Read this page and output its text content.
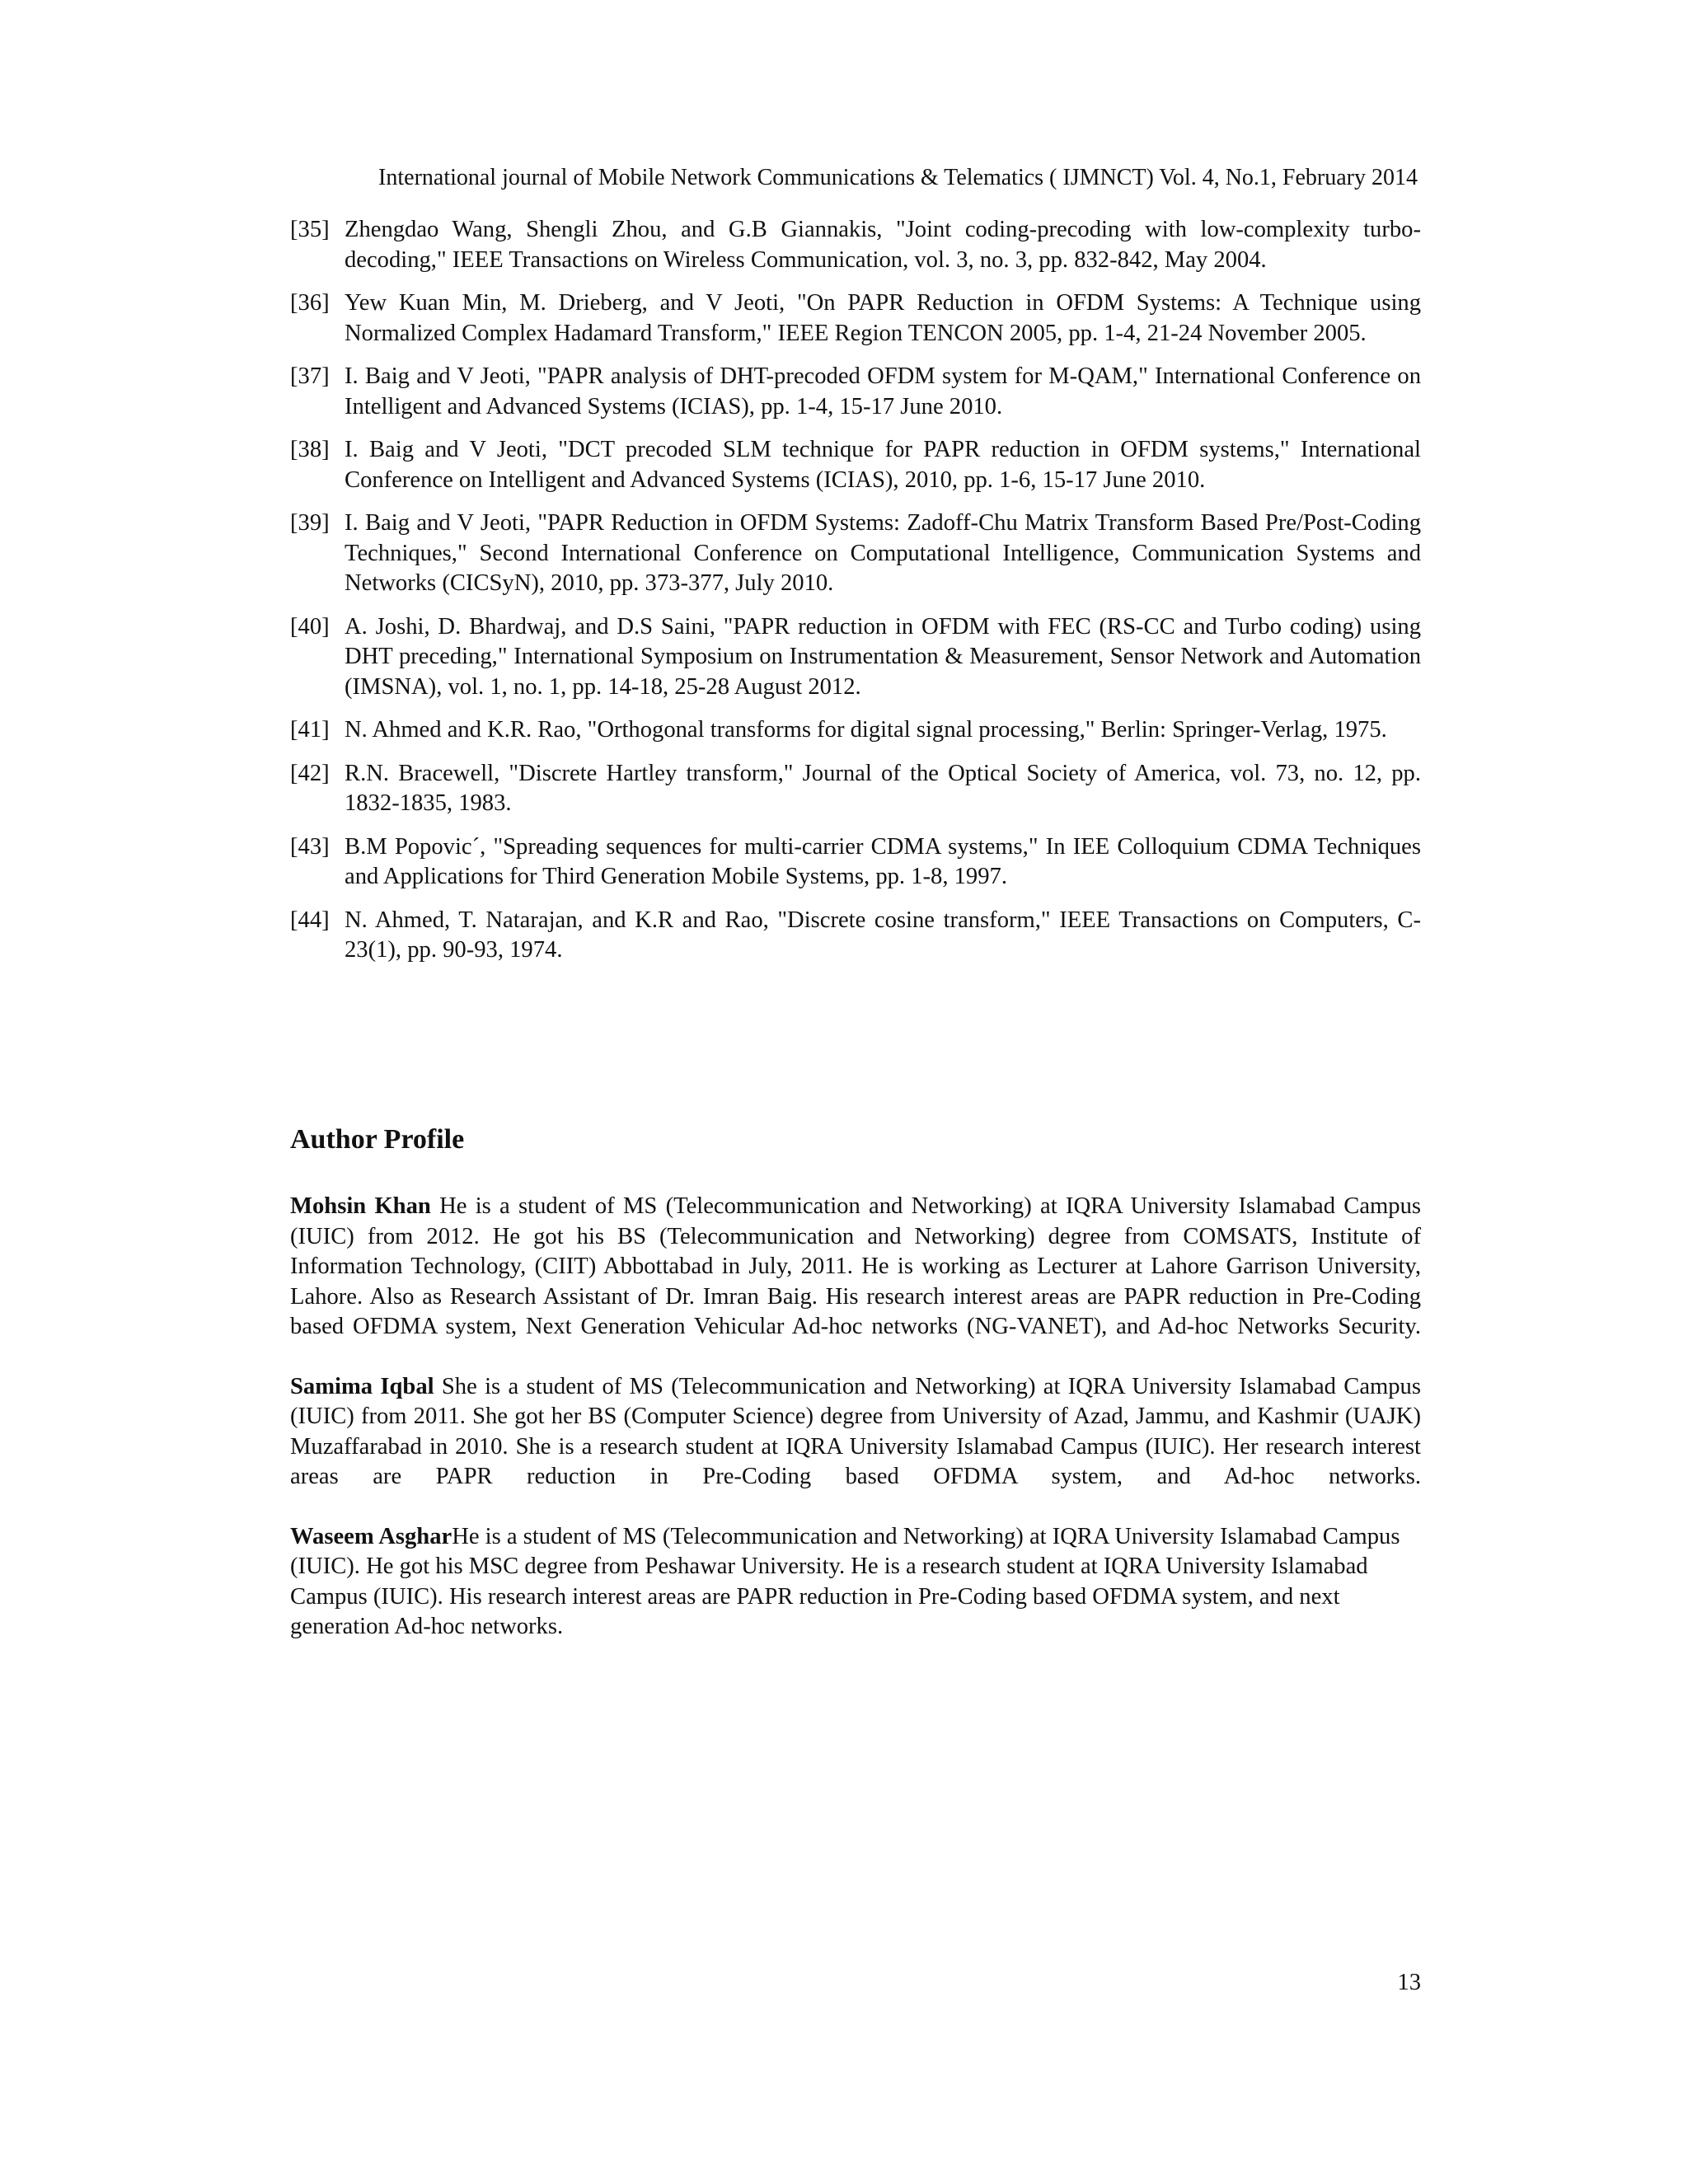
International journal of Mobile Network Communications & Telematics ( IJMNCT) Vol. 4, No.1, February 2014
[35] Zhengdao Wang, Shengli Zhou, and G.B Giannakis, "Joint coding-precoding with low-complexity turbo-decoding," IEEE Transactions on Wireless Communication, vol. 3, no. 3, pp. 832-842, May 2004.
[36] Yew Kuan Min, M. Drieberg, and V Jeoti, "On PAPR Reduction in OFDM Systems: A Technique using Normalized Complex Hadamard Transform," IEEE Region TENCON 2005, pp. 1-4, 21-24 November 2005.
[37] I. Baig and V Jeoti, "PAPR analysis of DHT-precoded OFDM system for M-QAM," International Conference on Intelligent and Advanced Systems (ICIAS), pp. 1-4, 15-17 June 2010.
[38] I. Baig and V Jeoti, "DCT precoded SLM technique for PAPR reduction in OFDM systems," International Conference on Intelligent and Advanced Systems (ICIAS), 2010, pp. 1-6, 15-17 June 2010.
[39] I. Baig and V Jeoti, "PAPR Reduction in OFDM Systems: Zadoff-Chu Matrix Transform Based Pre/Post-Coding Techniques," Second International Conference on Computational Intelligence, Communication Systems and Networks (CICSyN), 2010, pp. 373-377, July 2010.
[40] A. Joshi, D. Bhardwaj, and D.S Saini, "PAPR reduction in OFDM with FEC (RS-CC and Turbo coding) using DHT preceding," International Symposium on Instrumentation & Measurement, Sensor Network and Automation (IMSNA), vol. 1, no. 1, pp. 14-18, 25-28 August 2012.
[41] N. Ahmed and K.R. Rao, "Orthogonal transforms for digital signal processing," Berlin: Springer-Verlag, 1975.
[42] R.N. Bracewell, "Discrete Hartley transform," Journal of the Optical Society of America, vol. 73, no. 12, pp. 1832-1835, 1983.
[43] B.M Popovic´, "Spreading sequences for multi-carrier CDMA systems," In IEE Colloquium CDMA Techniques and Applications for Third Generation Mobile Systems, pp. 1-8, 1997.
[44] N. Ahmed, T. Natarajan, and K.R and Rao, "Discrete cosine transform," IEEE Transactions on Computers, C-23(1), pp. 90-93, 1974.
Author Profile

Mohsin Khan He is a student of MS (Telecommunication and Networking) at IQRA University Islamabad Campus (IUIC) from 2012. He got his BS (Telecommunication and Networking) degree from COMSATS, Institute of Information Technology, (CIIT) Abbottabad in July, 2011. He is working as Lecturer at Lahore Garrison University, Lahore. Also as Research Assistant of Dr. Imran Baig. His research interest areas are PAPR reduction in Pre-Coding based OFDMA system, Next Generation Vehicular Ad-hoc networks (NG-VANET), and Ad-hoc Networks Security.

Samima Iqbal She is a student of MS (Telecommunication and Networking) at IQRA University Islamabad Campus (IUIC) from 2011. She got her BS (Computer Science) degree from University of Azad, Jammu, and Kashmir (UAJK) Muzaffarabad in 2010. She is a research student at IQRA University Islamabad Campus (IUIC). Her research interest areas are PAPR reduction in Pre-Coding based OFDMA system, and Ad-hoc networks.

Waseem AsgharHe is a student of MS (Telecommunication and Networking) at IQRA University Islamabad Campus (IUIC). He got his MSC degree from Peshawar University. He is a research student at IQRA University Islamabad Campus (IUIC). His research interest areas are PAPR reduction in Pre-Coding based OFDMA system, and next generation Ad-hoc networks.

13
